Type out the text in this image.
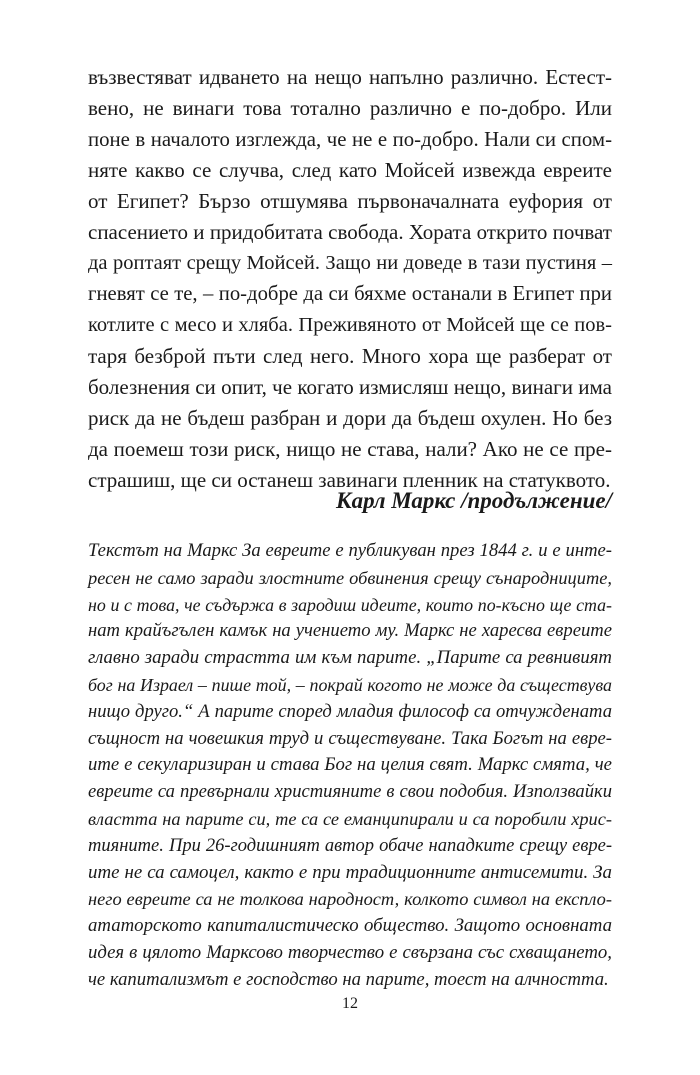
възвестяват идването на нещо напълно различно. Естест-
вено, не винаги това тотално различно е по-добро. Или
поне в началото изглежда, че не е по-добро. Нали си спом-
няте какво се случва, след като Мойсей извежда евреите
от Египет? Бързо отшумява първоначалната еуфория от
спасението и придобитата свобода. Хората открито почват
да роптаят срещу Мойсей. Защо ни доведе в тази пустиня –
гневят се те, – по-добре да си бяхме останали в Египет при
котлите с месо и хляба. Преживяното от Мойсей ще се пов-
таря безброй пъти след него. Много хора ще разберат от
болезнения си опит, че когато измисляш нещо, винаги има
риск да не бъдеш разбран и дори да бъдеш охулен. Но без
да поемеш този риск, нищо не става, нали? Ако не се пре-
страшиш, ще си останеш завинаги пленник на статуквото.
Карл Маркс /продължение/
Текстът на Маркс За евреите е публикуван през 1844 г. и е инте-
ресен не само заради злостните обвинения срещу сънародниците,
но и с това, че съдържа в зародиш идеите, които по-късно ще ста-
нат крайъгълен камък на учението му. Маркс не харесва евреите
главно заради страстта им към парите. „Парите са ревнивият
бог на Израел – пише той, – покрай когото не може да съществува
нищо друго.“ А парите според младия философ са отчуждената
същност на човешкия труд и съществуване. Така Богът на евре-
ите е секуларизиран и става Бог на целия свят. Маркс смята, че
евреите са превърнали християните в свои подобия. Използвайки
властта на парите си, те са се еманципирали и са поробили хрис-
тияните. При 26-годишният автор обаче нападките срещу евре-
ите не са самоцел, както е при традиционните антисемити. За
него евреите са не толкова народност, колкото символ на експло-
ататорското капиталистическо общество. Защото основната
идея в цялото Марксово творчество е свързана със схващането,
че капитализмът е господство на парите, тоест на алчността.
12
